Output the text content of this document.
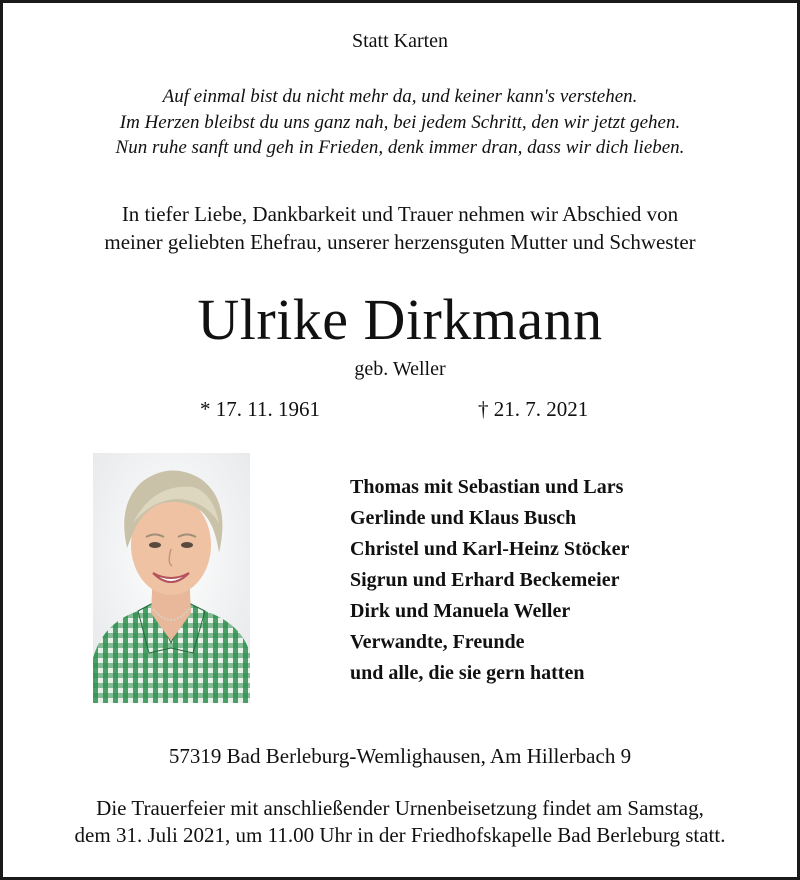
Statt Karten
Auf einmal bist du nicht mehr da, und keiner kann's verstehen.
Im Herzen bleibst du uns ganz nah, bei jedem Schritt, den wir jetzt gehen.
Nun ruhe sanft und geh in Frieden, denk immer dran, dass wir dich lieben.
In tiefer Liebe, Dankbarkeit und Trauer nehmen wir Abschied von
meiner geliebten Ehefrau, unserer herzensguten Mutter und Schwester
Ulrike Dirkmann
geb. Weller
* 17. 11. 1961	† 21. 7. 2021
Thomas mit Sebastian und Lars
Gerlinde und Klaus Busch
Christel und Karl-Heinz Stöcker
Sigrun und Erhard Beckemeier
Dirk und Manuela Weller
Verwandte, Freunde
und alle, die sie gern hatten
57319 Bad Berleburg-Wemlighausen, Am Hillerbach 9
Die Trauerfeier mit anschließender Urnenbeisetzung findet am Samstag,
dem 31. Juli 2021, um 11.00 Uhr in der Friedhofskapelle Bad Berleburg statt.
